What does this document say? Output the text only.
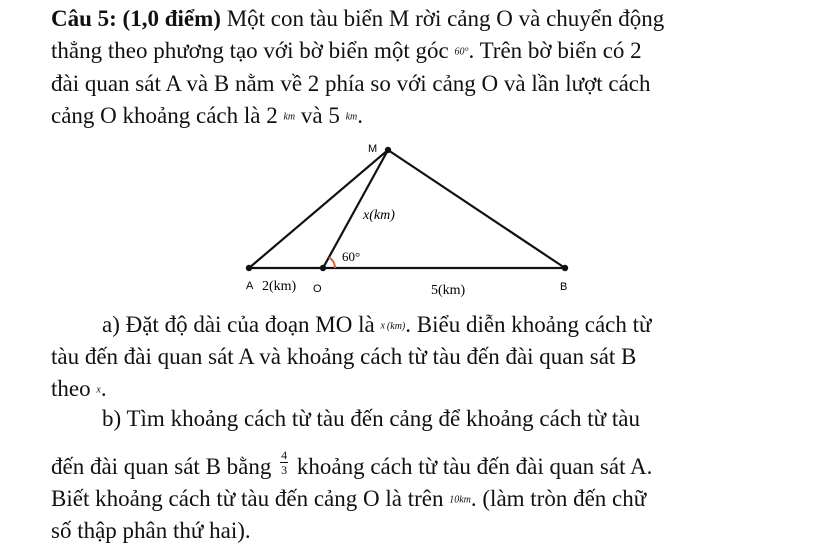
Câu 5: (1,0 điểm) Một con tàu biển M rời cảng O và chuyển động
thẳng theo phương tạo với bờ biển một góc 60°. Trên bờ biển có 2
đài quan sát A và B nằm về 2 phía so với cảng O và lần lượt cách
cảng O khoảng cách là 2 km và 5 km.
M
x(km)
60°
A 2(km) O	5(km)	B
a) Đặt độ dài của đoạn MO là x (km). Biểu diễn khoảng cách từ
tàu đến đài quan sát A và khoảng cách từ tàu đến đài quan sát B
theo x.
b) Tìm khoảng cách từ tàu đến cảng để khoảng cách từ tàu
đến đài quan sát B bằng $\frac{4}{3}$ khoảng cách từ tàu đến đài quan sát A.
Biết khoảng cách từ tàu đến cảng O là trên 10km. (làm tròn đến chữ
số thập phân thứ hai).
